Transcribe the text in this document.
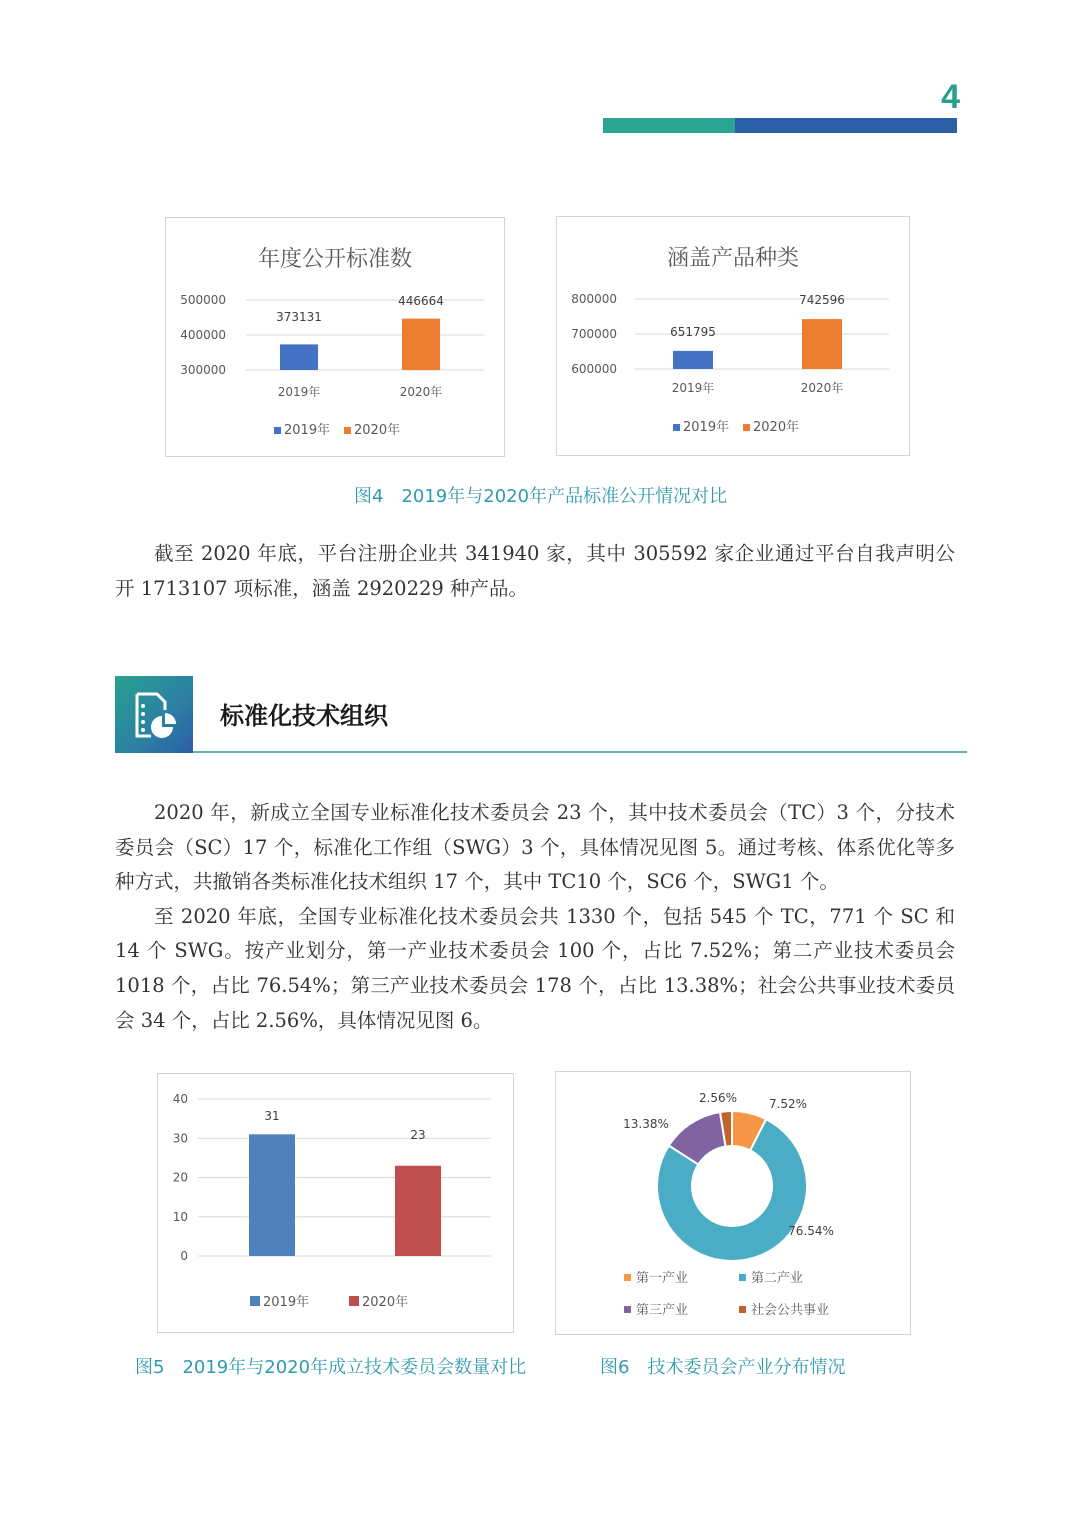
4
年度公开标准数
500000
400000
300000
2019年
373131
2020年
446664
2019年 2020年
涵盖产品种类
800000
700000
600000
2019年
651795
2020年
742596
2019年 2020年
图4　2019年与2020年产品标准公开情况对比

截至 2020 年底，平台注册企业共 341940 家，其中 305592 家企业通过平台自我声明公开 1713107 项标准，涵盖 2920229 种产品。

标准化技术组织

2020 年，新成立全国专业标准化技术委员会 23 个，其中技术委员会（TC）3 个，分技术委员会（SC）17 个，标准化工作组（SWG）3 个，具体情况见图 5。通过考核、体系优化等多种方式，共撤销各类标准化技术组织 17 个，其中 TC10 个，SC6 个，SWG1 个。

至 2020 年底，全国专业标准化技术委员会共 1330 个，包括 545 个 TC，771 个 SC 和 14 个 SWG。按产业划分，第一产业技术委员会 100 个，占比 7.52%；第二产业技术委员会 1018 个，占比 76.54%；第三产业技术委员会 178 个，占比 13.38%；社会公共事业技术委员会 34 个，占比 2.56%，具体情况见图 6。

40
30
20
10
0
31
23
2019年	2020年
7.52%
76.54%
13.38%
2.56%
第一产业	第二产业
第三产业	社会公共事业
图5　2019年与2020年成立技术委员会数量对比	图6　技术委员会产业分布情况
